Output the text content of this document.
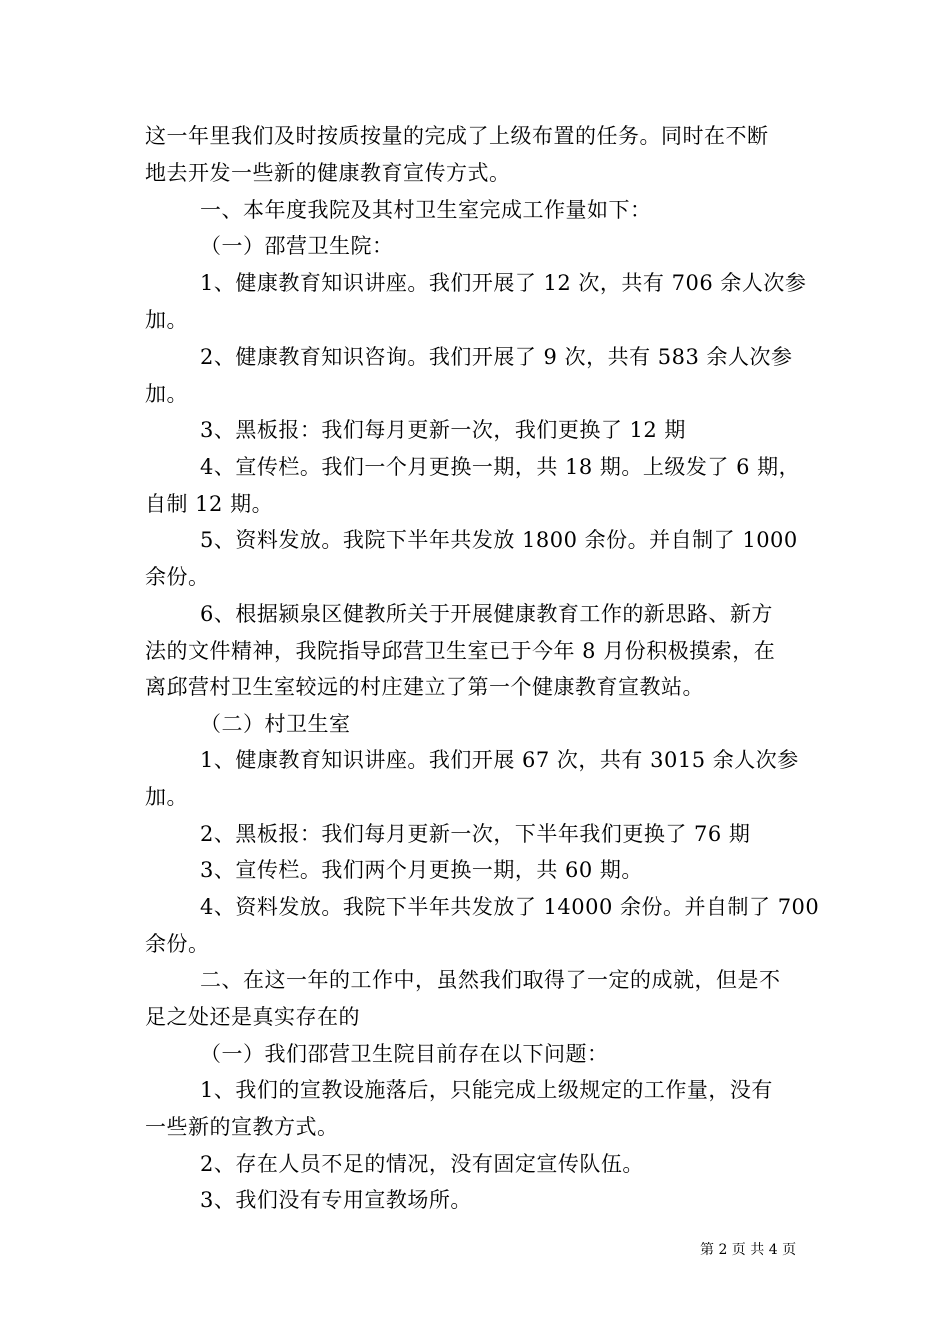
这一年里我们及时按质按量的完成了上级布置的任务。同时在不断
地去开发一些新的健康教育宣传方式。
一、本年度我院及其村卫生室完成工作量如下：
（一）邵营卫生院：
1、健康教育知识讲座。我们开展了 12 次，共有 706 余人次参
加。
2、健康教育知识咨询。我们开展了 9 次，共有 583 余人次参
加。
3、黑板报：我们每月更新一次，我们更换了 12 期
4、宣传栏。我们一个月更换一期，共 18 期。上级发了 6 期，
自制 12 期。
5、资料发放。我院下半年共发放 1800 余份。并自制了 1000
余份。
6、根据颍泉区健教所关于开展健康教育工作的新思路、新方
法的文件精神，我院指导邱营卫生室已于今年 8 月份积极摸索，在
离邱营村卫生室较远的村庄建立了第一个健康教育宣教站。
（二）村卫生室
1、健康教育知识讲座。我们开展 67 次，共有 3015 余人次参
加。
2、黑板报：我们每月更新一次，下半年我们更换了 76 期
3、宣传栏。我们两个月更换一期，共 60 期。
4、资料发放。我院下半年共发放了 14000 余份。并自制了 700
余份。
二、在这一年的工作中，虽然我们取得了一定的成就，但是不
足之处还是真实存在的
（一）我们邵营卫生院目前存在以下问题：
1、我们的宣教设施落后，只能完成上级规定的工作量，没有
一些新的宣教方式。
2、存在人员不足的情况，没有固定宣传队伍。
3、我们没有专用宣教场所。
第 2 页 共 4 页
